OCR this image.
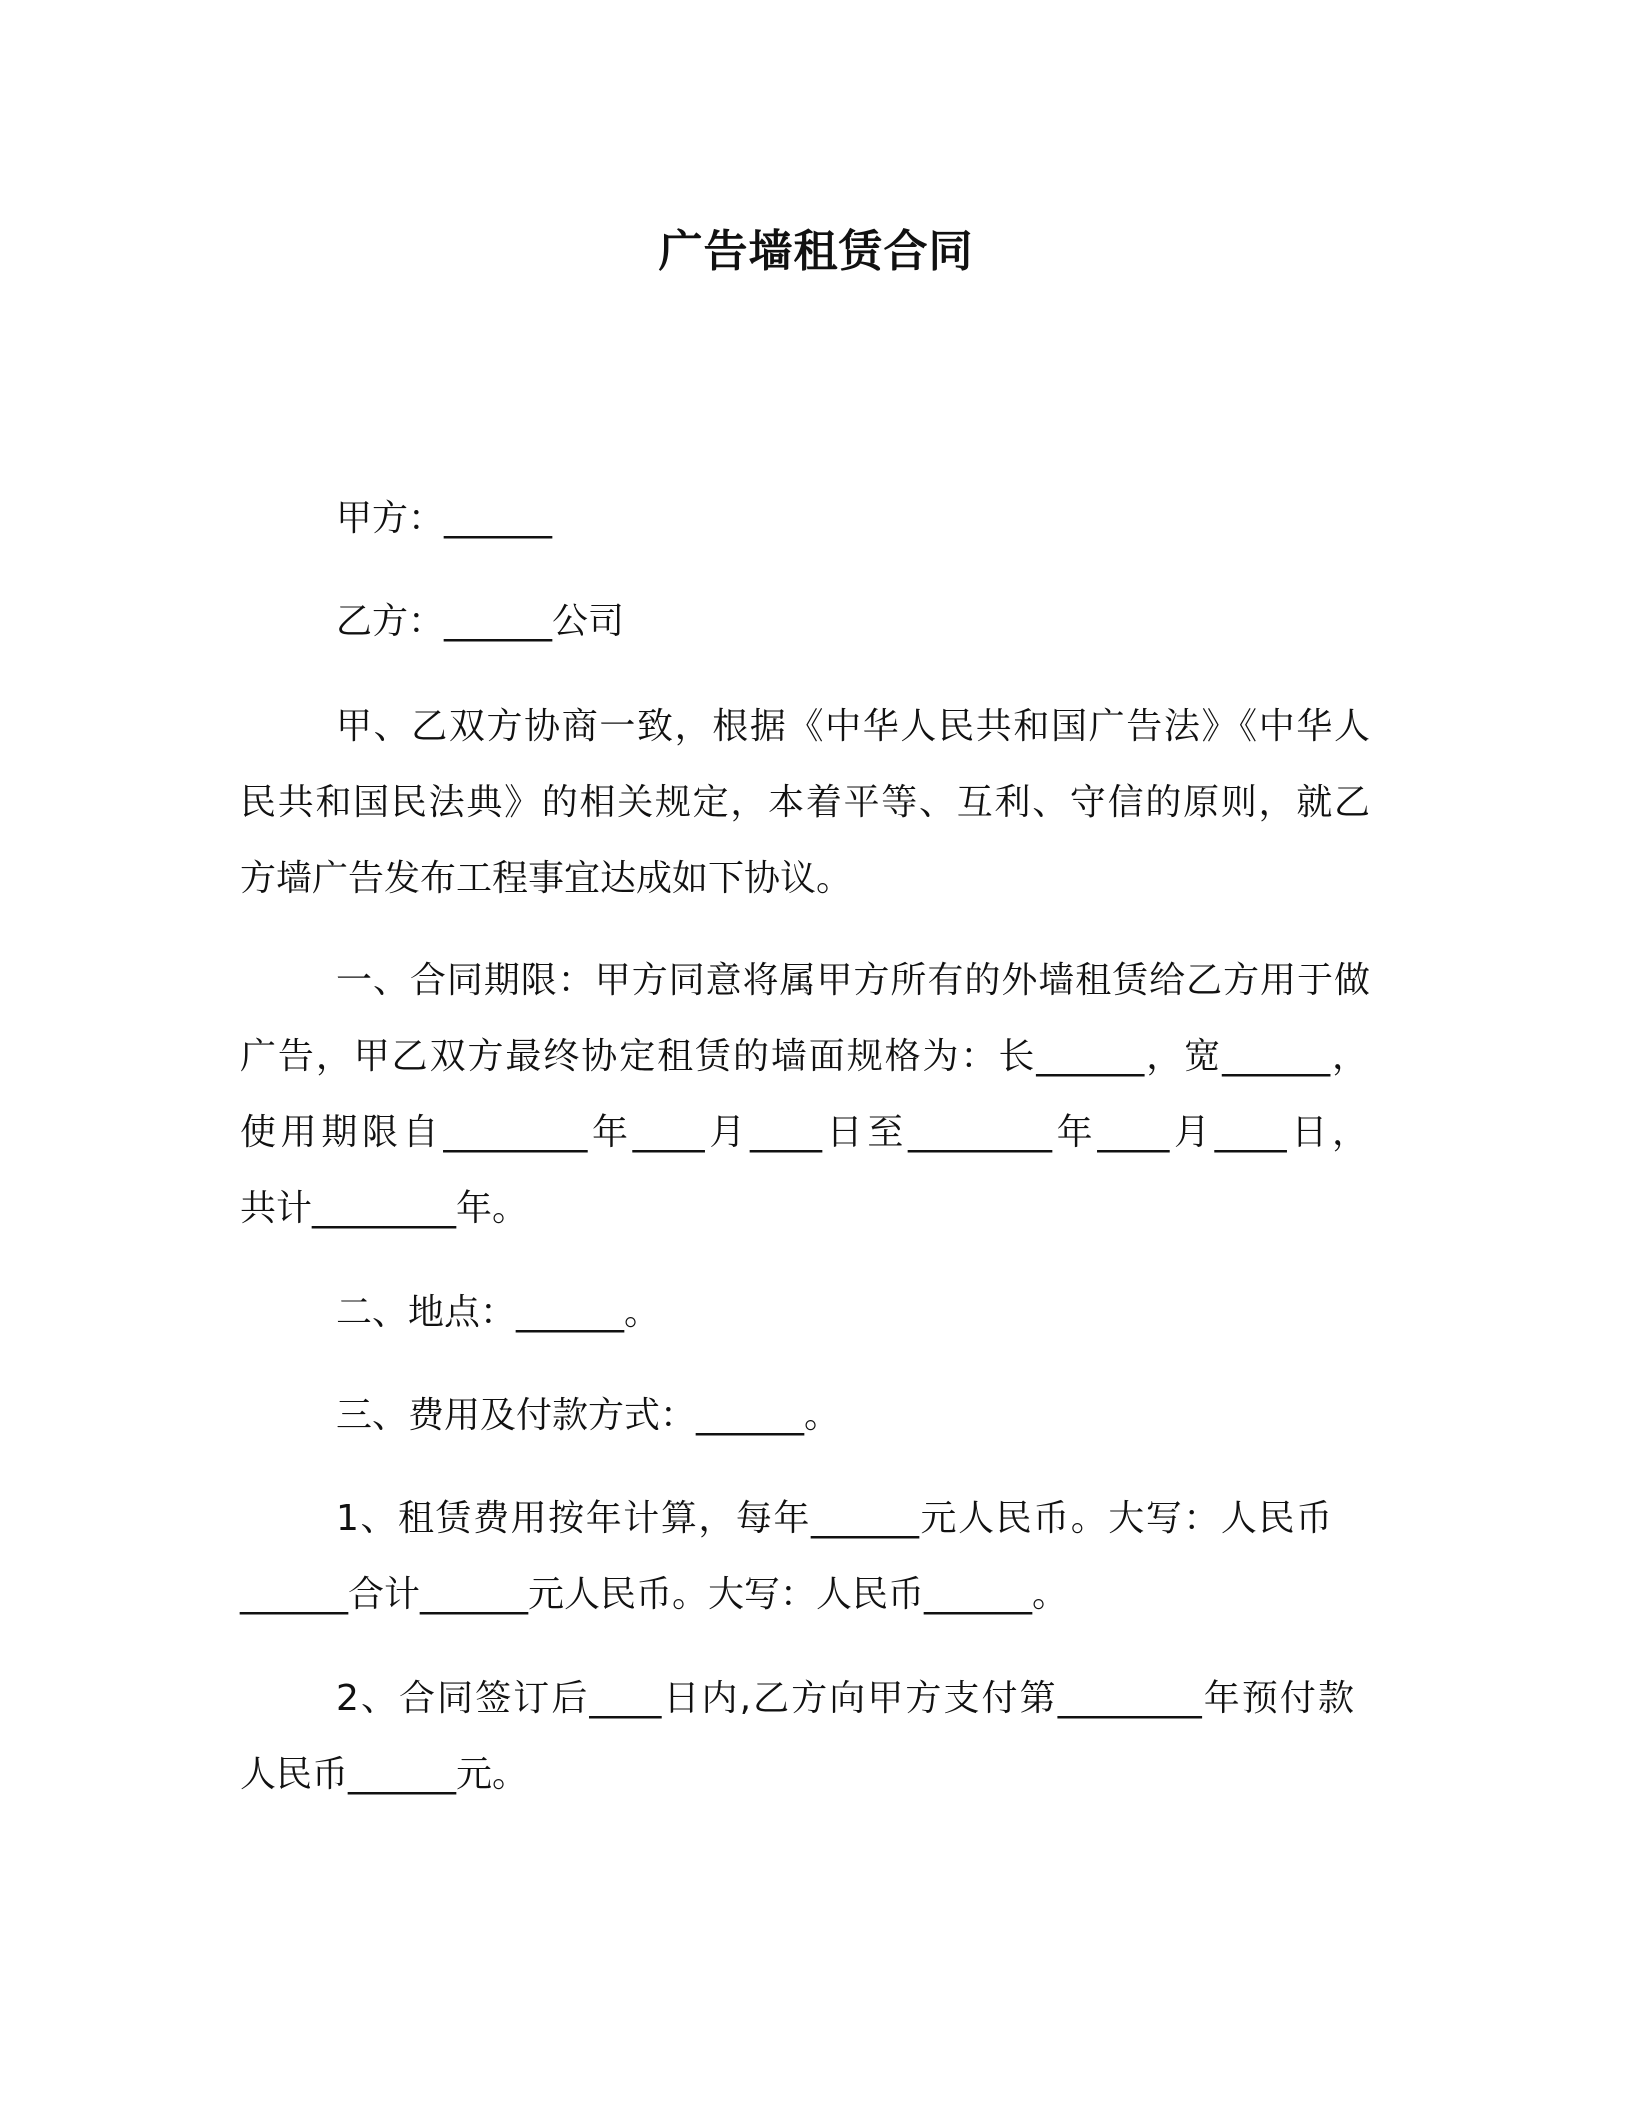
广告墙租赁合同
甲方：______
乙方：______公司
甲、乙双方协商一致，根据《中华人民共和国广告法》《中华人
民共和国民法典》的相关规定，本着平等、互利、守信的原则，就乙
方墙广告发布工程事宜达成如下协议。
一、合同期限：甲方同意将属甲方所有的外墙租赁给乙方用于做
广告，甲乙双方最终协定租赁的墙面规格为：长______，宽______，
使用期限自________年____月____日至________年____月____日，
共计________年。
二、地点：______。
三、费用及付款方式：______。
1、租赁费用按年计算，每年______元人民币。大写：人民币
______合计______元人民币。大写：人民币______。
2、合同签订后____日内,乙方向甲方支付第________年预付款
人民币______元。
